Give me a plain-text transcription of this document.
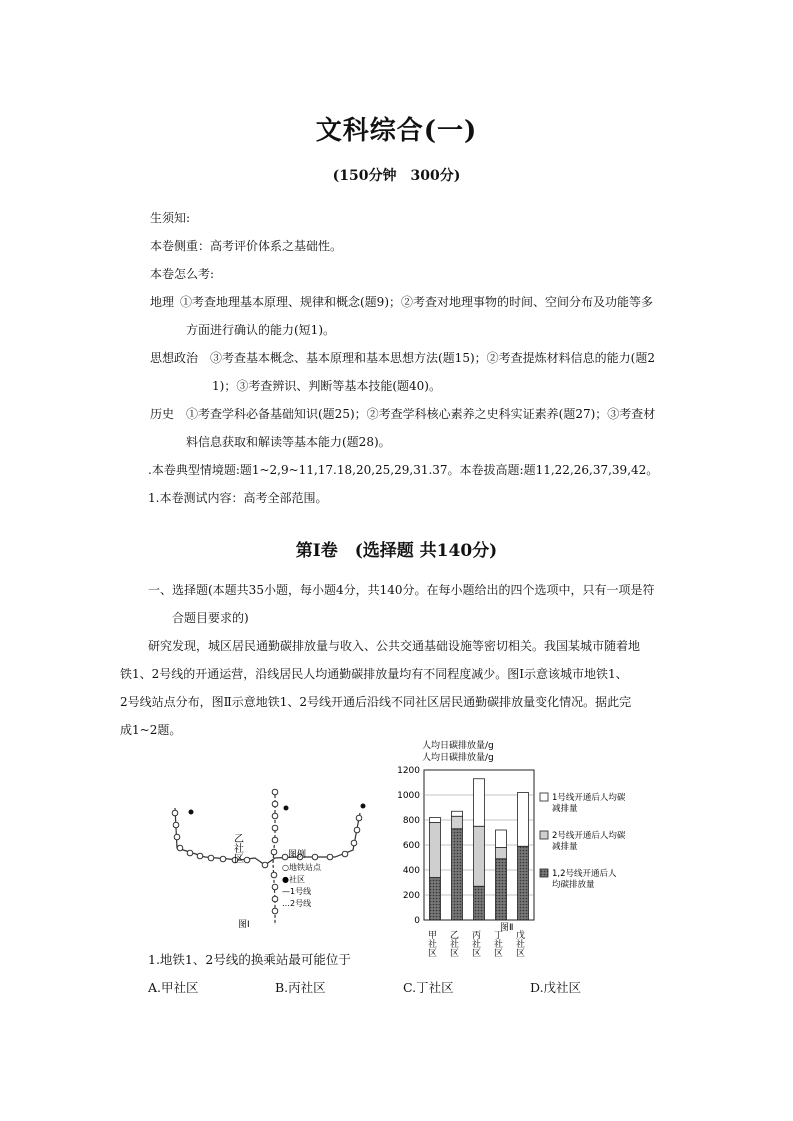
文科综合(一)
(150分钟　300分)
生须知:
本卷侧重：高考评价体系之基础性。
本卷怎么考:
地理 ①考查地理基本原理、规律和概念(题9)；②考查对地理事物的时间、空间分布及功能等多
方面进行确认的能力(短1)。
思想政治 ③考查基本概念、基本原理和基本思想方法(题15)；②考查提炼材料信息的能力(题2
1)；③考查辨识、判断等基本技能(题40)。
历史 ①考查学科必备基础知识(题25)；②考查学科核心素养之史科实证素养(题27)；③考查材
料信息获取和解读等基本能力(题28)。
.本卷典型情境题:题1~2,9~11,17.18,20,25,29,31.37。本卷拔高题:题11,22,26,37,39,42。
1.本卷测试内容：高考全部范围。
第Ⅰ卷　(选择题 共140分)
一、选择题(本题共35小题，每小题4分，共140分。在每小题给出的四个选项中，只有一项是符
合题目要求的)
研究发现，城区居民通勤碳排放量与收入、公共交通基础设施等密切相关。我国某城市随着地
铁1、2号线的开通运营，沿线居民人均通勤碳排放量均有不同程度减少。图Ⅰ示意该城市地铁1、
2号线站点分布，图Ⅱ示意地铁1、2号线开通后沿线不同社区居民通勤碳排放量变化情况。据此完
成1~2题。
乙社区	图例
○地铁站点
●社区
—1号线
…2号线
图Ⅰ
人均日碳排放量/g
人均日碳排放量/g
0
200
400
600
800
1000
1200
甲社区 乙社区 丙社区 丁社区 戊社区
1号线开通后人均碳
减排量
2号线开通后人均碳
减排量
1,2号线开通后人
均碳排放量
图Ⅱ
1.地铁1、2号线的换乘站最可能位于
A.甲社区	B.丙社区	C.丁社区	D.戊社区
